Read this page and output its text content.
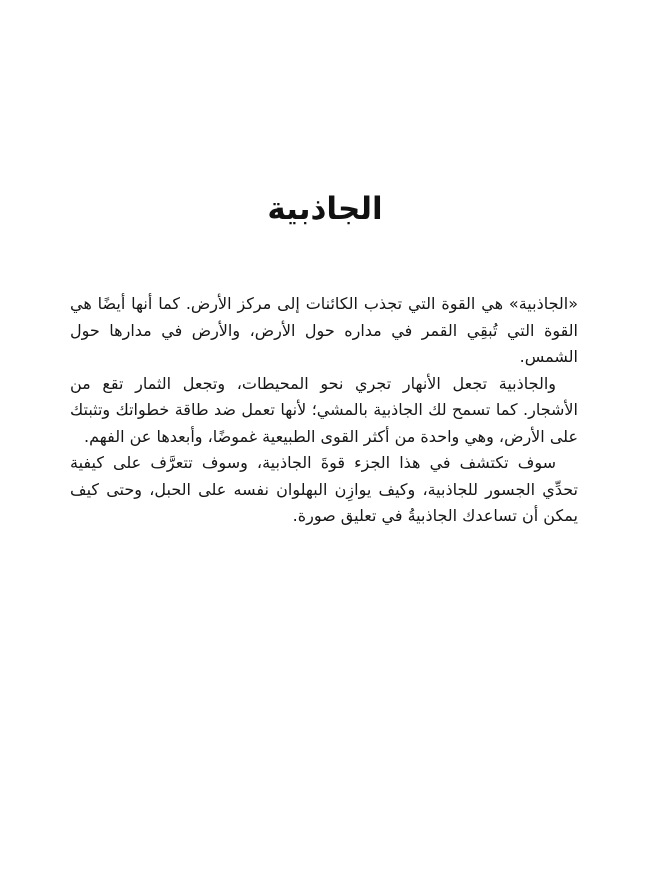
الجاذبية

«الجاذبية» هي القوة التي تجذب الكائنات إلى مركز الأرض. كما أنها أيضًا هي القوة التي تُبقِي القمر في مداره حول الأرض، والأرض في مدارها حول الشمس.

والجاذبية تجعل الأنهار تجري نحو المحيطات، وتجعل الثمار تقع من الأشجار. كما تسمح لك الجاذبية بالمشي؛ لأنها تعمل ضد طاقة خطواتك وتثبتك على الأرض، وهي واحدة من أكثر القوى الطبيعية غموضًا، وأبعدها عن الفهم.

سوف تكتشف في هذا الجزء قوةَ الجاذبية، وسوف تتعرَّف على كيفية تحدِّي الجسور للجاذبية، وكيف يوازِن البهلوان نفسه على الحبل، وحتى كيف يمكن أن تساعدك الجاذبيةُ في تعليق صورة.
